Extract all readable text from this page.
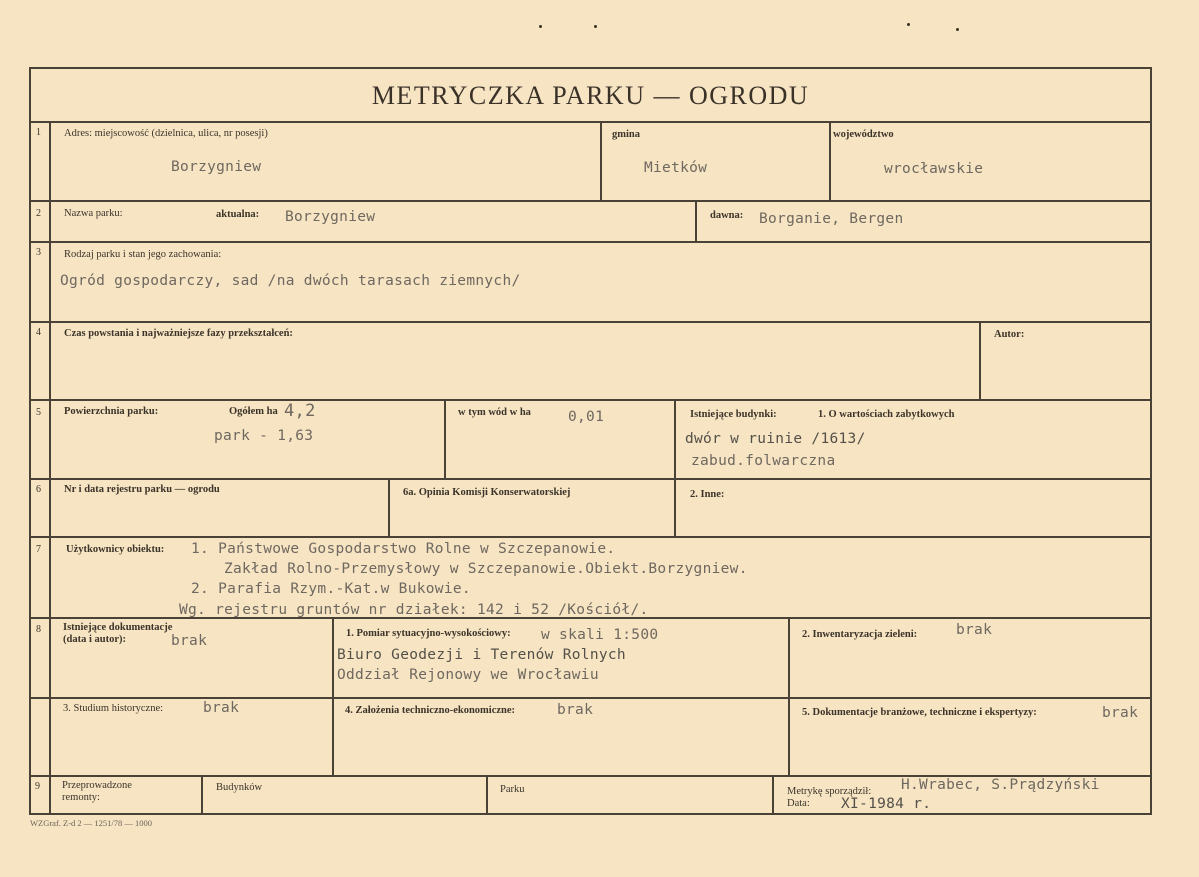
METRYCZKA PARKU — OGRODU
1 Adres: miejscowość (dzielnica, ulica, nr posesji)
Borzygniew
gmina
Mietków
województwo
wrocławskie
2 Nazwa parku:	aktualna: Borzygniew	dawna: Borganie, Bergen
3 Rodzaj parku i stan jego zachowania:
Ogród gospodarczy, sad /na dwóch tarasach ziemnych/
4 Czas powstania i najważniejsze fazy przekształceń:	Autor:
5 Powierzchnia parku:	Ogółem ha 4,2
park - 1,63
w tym wód w ha	0,01	Istniejące budynki:	1. O wartościach zabytkowych
dwór w ruinie /1613/
zabud.folwarczna
6 Nr i data rejestru parku — ogrodu	6a. Opinia Komisji Konserwatorskiej	2. Inne:
7 Użytkownicy obiektu: 1. Państwowe Gospodarstwo Rolne w Szczepanowie.
Zakład Rolno-Przemysłowy w Szczepanowie.Obiekt.Borzygniew.
2. Parafia Rzym.-Kat.w Bukowie.
Wg. rejestru gruntów nr działek: 142 i 52 /Kościół/.
8 Istniejące dokumentacje
(data i autor):	brak	1. Pomiar sytuacyjno-wysokościowy: w skali 1:500
Biuro Geodezji i Terenów Rolnych
Oddział Rejonowy we Wrocławiu
2. Inwentaryzacja zieleni:	brak
3. Studium historyczne:	brak	4. Założenia techniczno-ekonomiczne:	brak	5. Dokumentacje branżowe, techniczne i ekspertyzy:	brak
9 Przeprowadzone
remonty:
Budynków	Parku	Metrykę sporządził: H.Wrabec, S.Prądzyński
Data: XI-1984 r.
WZGraf. Z-d 2 — 1251/78 — 1000
